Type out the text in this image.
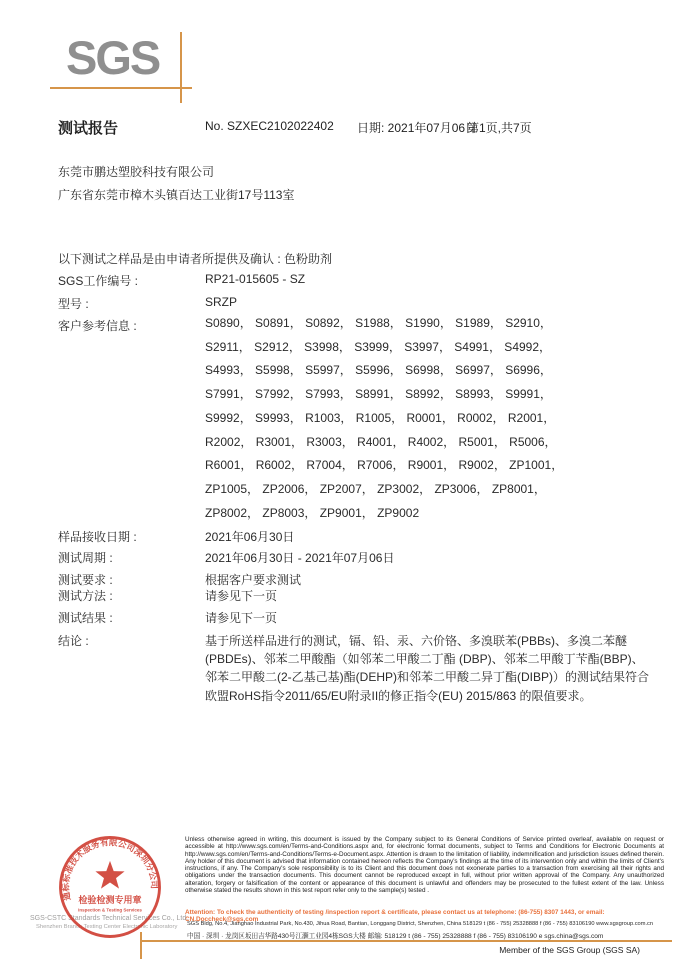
SGS
测试报告	No. SZXEC2102022402 日期: 2021年07月06日
第1页,共7页
东莞市鹏达塑胶科技有限公司
广东省东莞市樟木头镇百达工业街17号113室
以下测试之样品是由申请者所提供及确认 : 色粉助剂
SGS工作编号 :	RP21-015605 - SZ
型号 :	SRZP
客户参考信息 :	S0890， S0891， S0892， S1988， S1990， S1989， S2910，
S2911， S2912， S3998， S3999， S3997， S4991， S4992，
S4993， S5998， S5997， S5996， S6998， S6997， S6996，
S7991， S7992， S7993， S8991， S8992， S8993， S9991，
S9992， S9993， R1003， R1005， R0001， R0002， R2001，
R2002， R3001， R3003， R4001， R4002， R5001， R5006，
R6001， R6002， R7004， R7006， R9001， R9002， ZP1001，
ZP1005， ZP2006， ZP2007， ZP3002， ZP3006， ZP8001，
ZP8002， ZP8003， ZP9001， ZP9002
样品接收日期 :	2021年06月30日
测试周期 :	2021年06月30日 - 2021年07月06日
测试要求 :	根据客户要求测试
测试方法 :	请参见下一页
测试结果 :	请参见下一页
结论 :	基于所送样品进行的测试，镉、铅、汞、六价铬、多溴联苯(PBBs)、多溴二苯醚(PBDEs)、邻苯二甲酸酯（如邻苯二甲酸二丁酯 (DBP)、邻苯二甲酸丁苄酯(BBP)、邻苯二甲酸二(2-乙基己基)酯(DEHP)和邻苯二甲酸二异丁酯(DIBP)）的测试结果符合欧盟RoHS指令2011/65/EU附录II的修正指令(EU) 2015/863 的限值要求。
Unless otherwise agreed in writing, this document is issued by the Company subject to its General Conditions of Service printed overleaf, available on request or accessible at http://www.sgs.com/en/Terms-and-Conditions.aspx and, for electronic format documents, subject to Terms and Conditions for Electronic Documents at http://www.sgs.com/en/Terms-and-Conditions/Terms-e-Document.aspx. Attention is drawn to the limitation of liability, indemnification and jurisdiction issues defined therein. Any holder of this document is advised that information contained hereon reflects the Company's findings at the time of its intervention only and within the limits of Client's instructions, if any. The Company's sole responsibility is to its Client and this document does not exonerate parties to a transaction from exercising all their rights and obligations under the transaction documents. This document cannot be reproduced except in full, without prior written approval of the Company. Any unauthorized alteration, forgery or falsification of the content or appearance of this document is unlawful and offenders may be prosecuted to the fullest extent of the law. Unless otherwise stated the results shown in this test report refer only to the sample(s) tested .
Attention: To check the authenticity of testing /inspection report & certificate, please contact us at telephone: (86-755) 8307 1443, or email: CN.Doccheck@sgs.com
SGS Bldg, No.4, Jianghao Industrial Park, No.430, Jihua Road, Bantian, Longgang District, Shenzhen, China 518129 t (86 - 755) 25328888 f (86 - 755) 83106190 www.sgsgroup.com.cn
中国 · 深圳 · 龙岗区坂田吉华路430号江灏工业园4栋SGS大楼 邮编: 518129 t (86 - 755) 25328888 f (86 - 755) 83106190 e sgs.china@sgs.com
Member of the SGS Group (SGS SA)
SGS-CSTC Standards Technical Services Co., Ltd.
Shenzhen Branch Testing Center Electronic Laboratory
通标标准技术服务有限公司深圳分公司
检验检测专用章
Inspection & Testing Services
